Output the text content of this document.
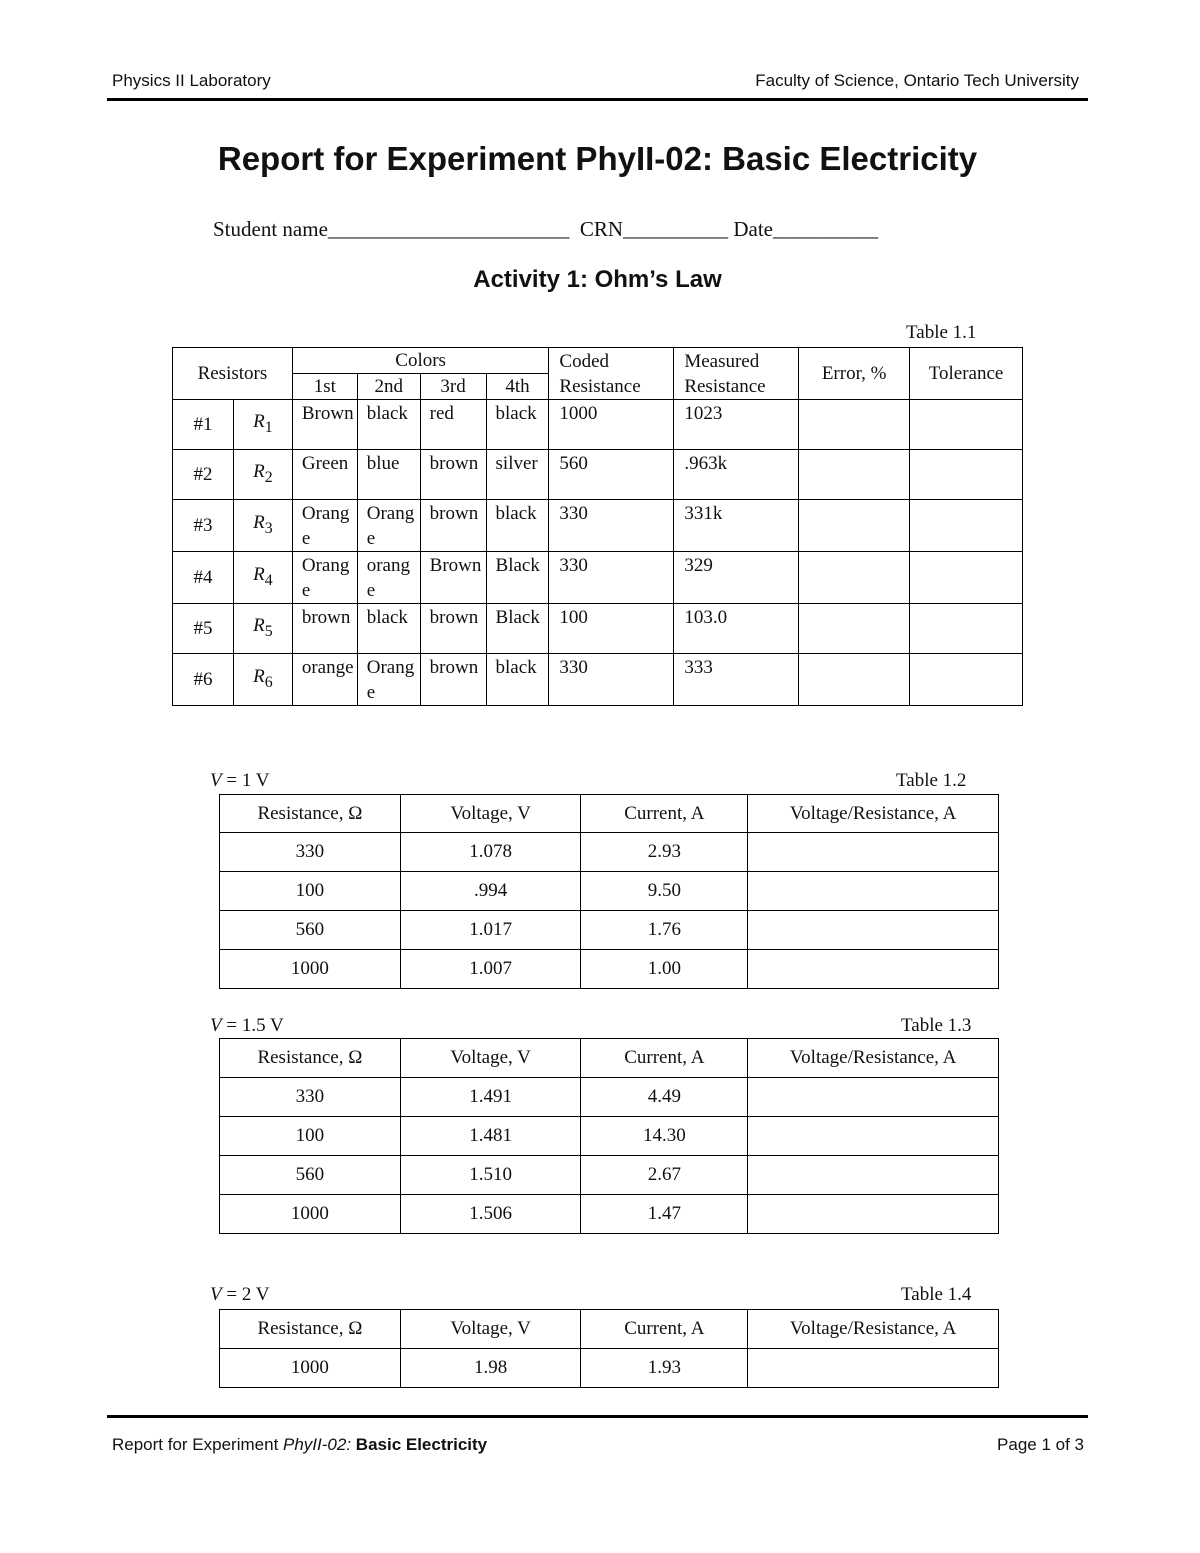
Physics II Laboratory	Faculty of Science, Ontario Tech University
Report for Experiment PhyII-02: Basic Electricity
Student name_______________________ CRN__________ Date__________
Activity 1: Ohm’s Law
Table 1.1
Resistors		Colors				Coded Resistance	Measured Resistance	Error, %	Tolerance
		1st	2nd	3rd	4th				
#1	$R_1$	Brown	black	red	black	1000	1023		
#2	$R_2$	Green	blue	brown	silver	560	.963k		
#3	$R_3$	Orange	Orange	brown	black	330	331k		
#4	$R_4$	Orange	orange	Brown	Black	330	329		
#5	$R_5$	brown	black	brown	Black	100	103.0		
#6	$R_6$	orange	Orange	brown	black	330	333		
V = 1 V	Table 1.2
Resistance, Ω	Voltage, V	Current, A	Voltage/Resistance, A
330	1.078	2.93	
100	.994	9.50	
560	1.017	1.76	
1000	1.007	1.00	
V = 1.5 V	Table 1.3
Resistance, Ω	Voltage, V	Current, A	Voltage/Resistance, A
330	1.491	4.49	
100	1.481	14.30	
560	1.510	2.67	
1000	1.506	1.47	
V = 2 V	Table 1.4
Resistance, Ω	Voltage, V	Current, A	Voltage/Resistance, A
1000	1.98	1.93	
Report for Experiment PhyII-02: Basic Electricity	Page 1 of 3
